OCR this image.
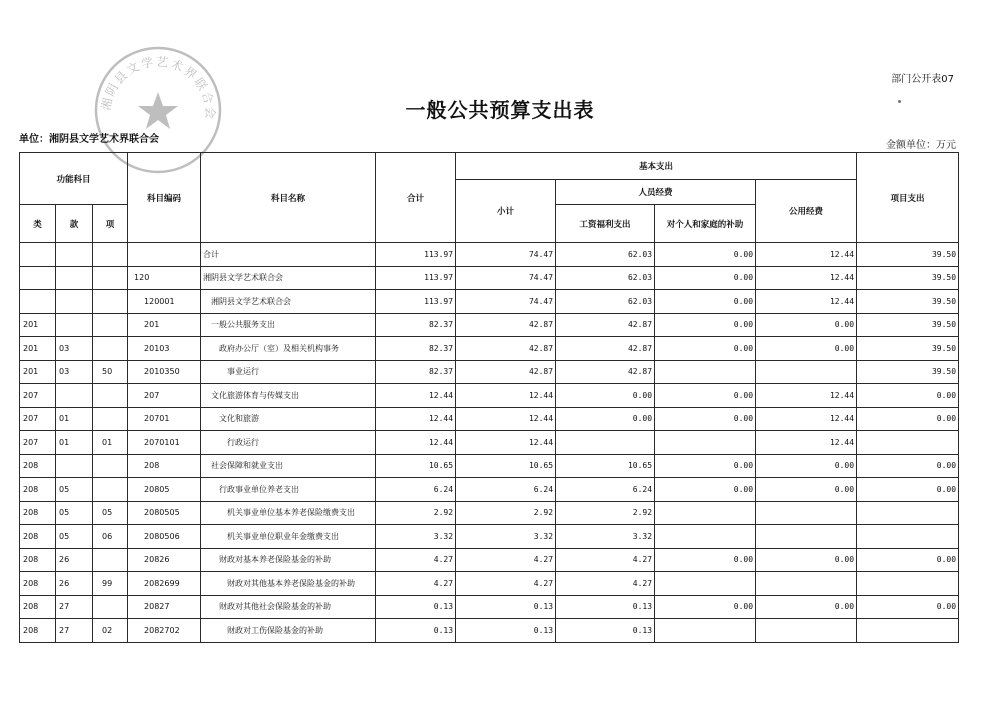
部门公开表07
湘阴县文学艺术界联合会	一般公共预算支出表
单位：湘阴县文学艺术界联合会
金额单位：万元
功能科目			科目编码	科目名称	合计	基本支出				项目支出
						小计	人员经费		公用经费	
类	款	项					工资福利支出	对个人和家庭的补助		
				合计	113.97	74.47	62.03	0.00	12.44	39.50
			120	湘阴县文学艺术联合会	113.97	74.47	62.03	0.00	12.44	39.50
			120001	湘阴县文学艺术联合会	113.97	74.47	62.03	0.00	12.44	39.50
201			201	一般公共服务支出	82.37	42.87	42.87	0.00	0.00	39.50
201	03		20103	政府办公厅（室）及相关机构事务	82.37	42.87	42.87	0.00	0.00	39.50
201	03	50	2010350	事业运行	82.37	42.87	42.87			39.50
207			207	文化旅游体育与传媒支出	12.44	12.44	0.00	0.00	12.44	0.00
207	01		20701	文化和旅游	12.44	12.44	0.00	0.00	12.44	0.00
207	01	01	2070101	行政运行	12.44	12.44			12.44	
208			208	社会保障和就业支出	10.65	10.65	10.65	0.00	0.00	0.00
208	05		20805	行政事业单位养老支出	6.24	6.24	6.24	0.00	0.00	0.00
208	05	05	2080505	机关事业单位基本养老保险缴费支出	2.92	2.92	2.92			
208	05	06	2080506	机关事业单位职业年金缴费支出	3.32	3.32	3.32			
208	26		20826	财政对基本养老保险基金的补助	4.27	4.27	4.27	0.00	0.00	0.00
208	26	99	2082699	财政对其他基本养老保险基金的补助	4.27	4.27	4.27			
208	27		20827	财政对其他社会保险基金的补助	0.13	0.13	0.13	0.00	0.00	0.00
208	27	02	2082702	财政对工伤保险基金的补助	0.13	0.13	0.13			
